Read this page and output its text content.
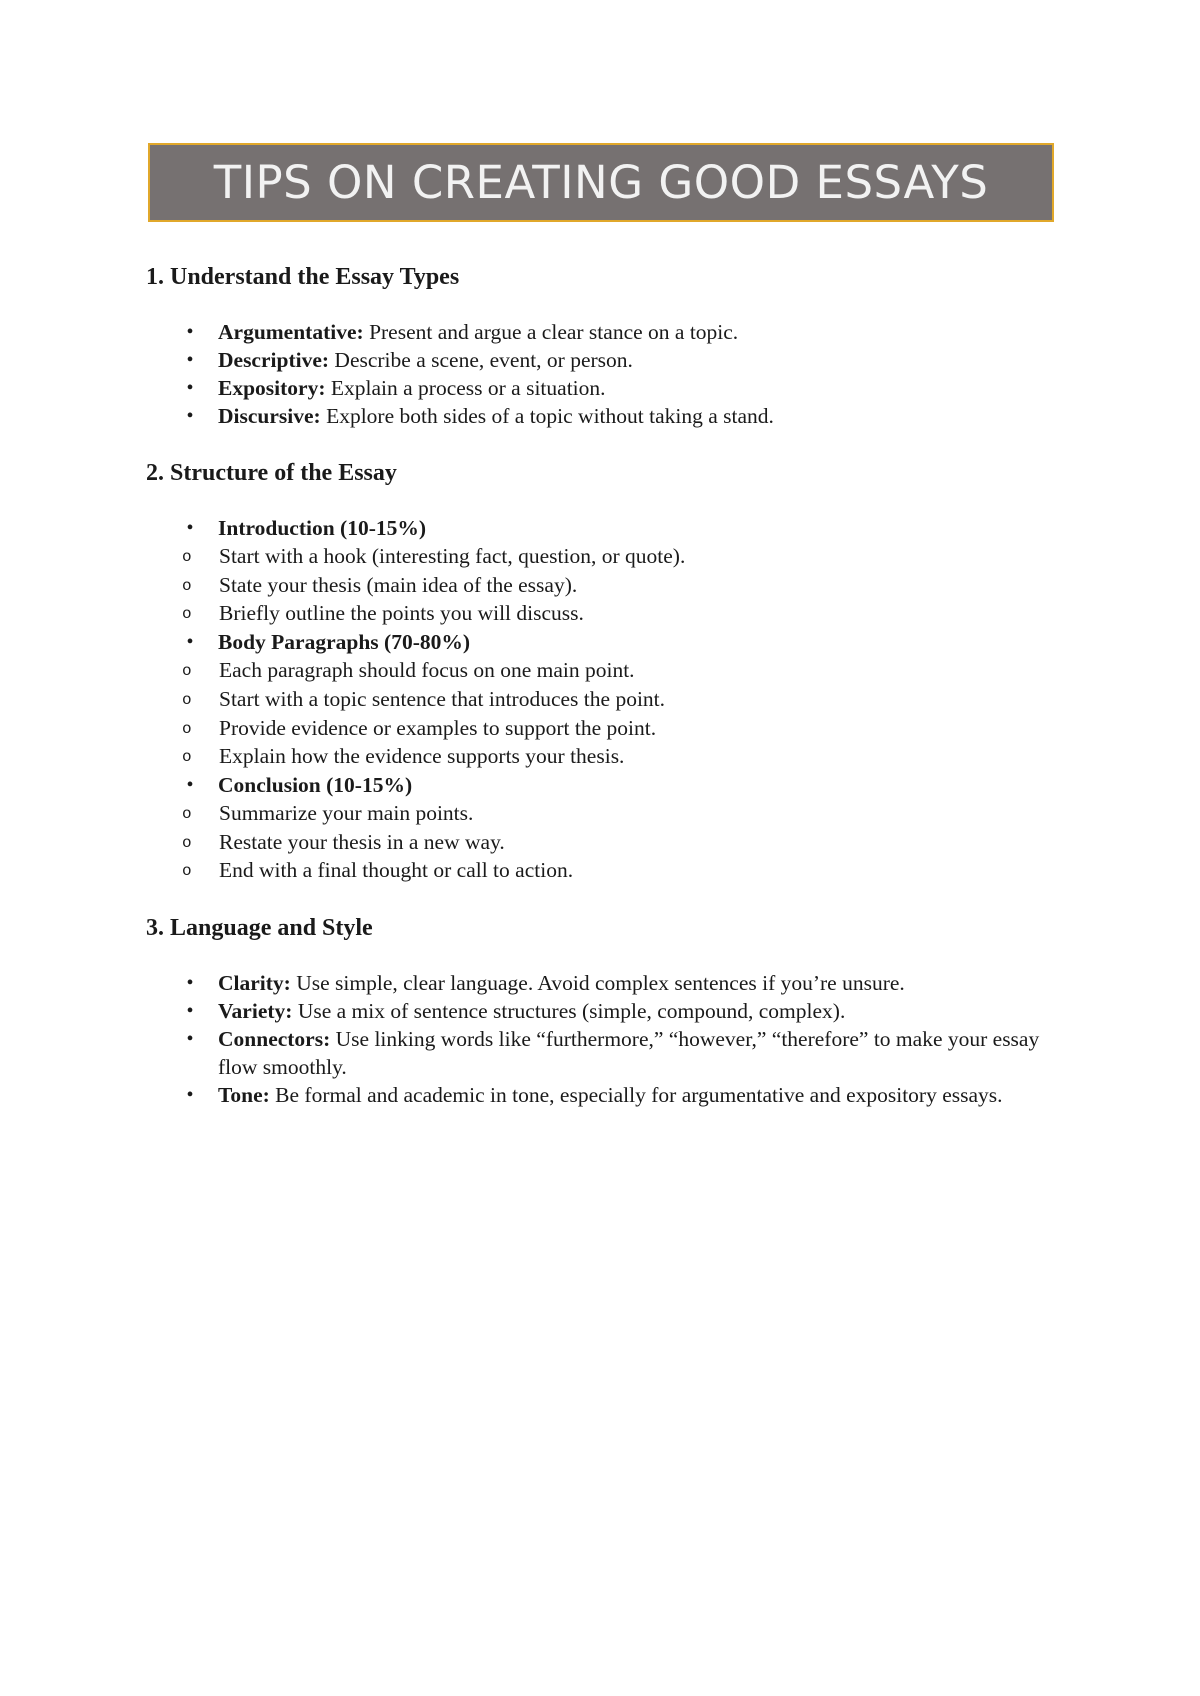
TIPS ON CREATING GOOD ESSAYS
1. Understand the Essay Types
• Argumentative: Present and argue a clear stance on a topic.
• Descriptive: Describe a scene, event, or person.
• Expository: Explain a process or a situation.
• Discursive: Explore both sides of a topic without taking a stand.
2. Structure of the Essay
• Introduction (10-15%)
o Start with a hook (interesting fact, question, or quote).
o State your thesis (main idea of the essay).
o Briefly outline the points you will discuss.
• Body Paragraphs (70-80%)
o Each paragraph should focus on one main point.
o Start with a topic sentence that introduces the point.
o Provide evidence or examples to support the point.
o Explain how the evidence supports your thesis.
• Conclusion (10-15%)
o Summarize your main points.
o Restate your thesis in a new way.
o End with a final thought or call to action.
3. Language and Style
• Clarity: Use simple, clear language. Avoid complex sentences if you’re unsure.
• Variety: Use a mix of sentence structures (simple, compound, complex).
• Connectors: Use linking words like “furthermore,” “however,” “therefore” to make your essay flow smoothly.
• Tone: Be formal and academic in tone, especially for argumentative and expository essays.
